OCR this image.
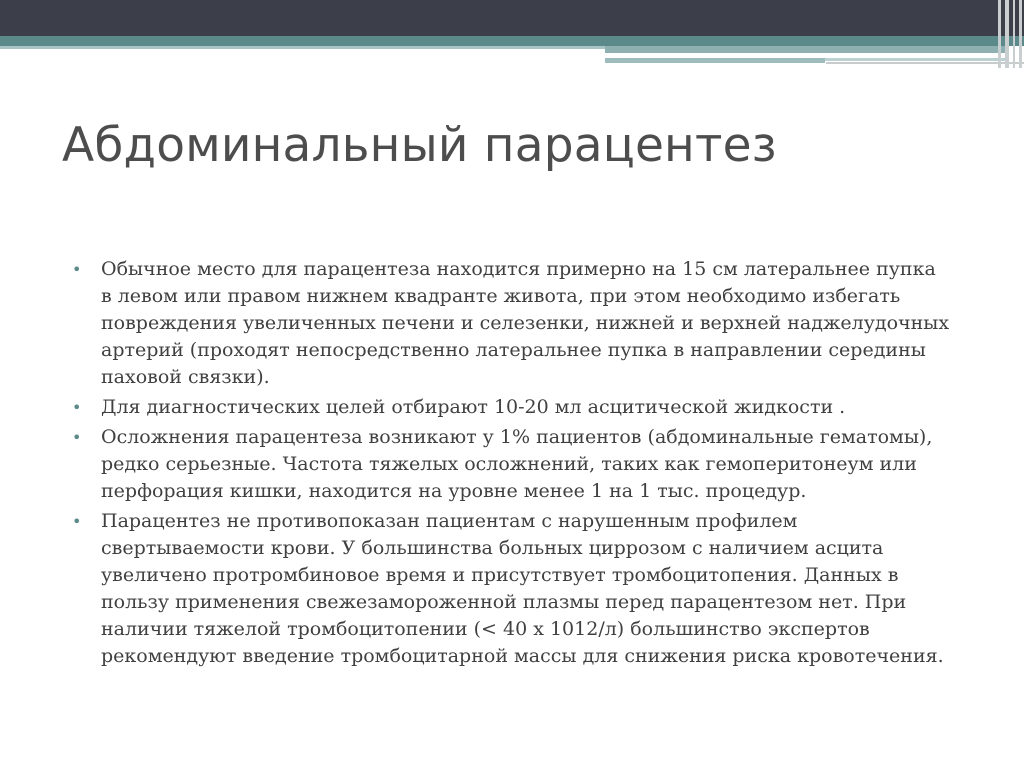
Абдоминальный парацентез
• Обычное место для парацентеза находится примерно на 15 см латеральнее пупка в левом или правом нижнем квадранте живота, при этом необходимо избегать повреждения увеличенных печени и селезенки, нижней и верхней наджелудочных артерий (проходят непосредственно латеральнее пупка в направлении середины паховой связки).
• Для диагностических целей отбирают 10-20 мл асцитической жидкости .
• Осложнения парацентеза возникают у 1% пациентов (абдоминальные гематомы), редко серьезные. Частота тяжелых осложнений, таких как гемоперитонеум или перфорация кишки, находится на уровне менее 1 на 1 тыс. процедур.
• Парацентез не противопоказан пациентам с нарушенным профилем свертываемости крови. У большинства больных циррозом с наличием асцита увеличено протромбиновое время и присутствует тромбоцитопения. Данных в пользу применения свежезамороженной плазмы перед парацентезом нет. При наличии тяжелой тромбоцитопении (< 40 х 1012/л) большинство экспертов рекомендуют введение тромбоцитарной массы для снижения риска кровотечения.
